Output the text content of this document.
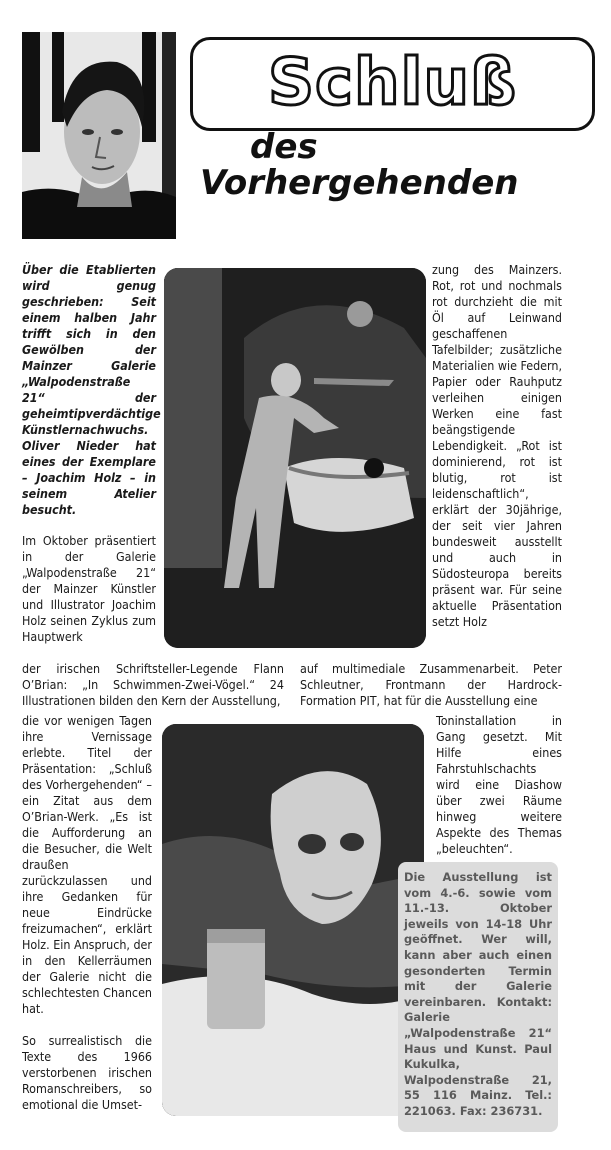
Schluß
des
Vorhergehenden

Über die Etablierten wird genug geschrieben: Seit einem halben Jahr trifft sich in den Gewölben der Mainzer Galerie „Walpodenstraße 21“ der geheimtipverdächtige Künstlernachwuchs. Oliver Nieder hat eines der Exemplare – Joachim Holz – in seinem Atelier besucht.

Im Oktober präsentiert in der Galerie „Walpodenstraße 21“ der Mainzer Künstler und Illustrator Joachim Holz seinen Zyklus zum Hauptwerk

der irischen Schriftsteller-Legende Flann O’Brian: „In Schwimmen-Zwei-Vögel.“ 24 Illustrationen bilden den Kern der Ausstellung,

die vor wenigen Tagen ihre Vernissage erlebte. Titel der Präsentation: „Schluß des Vorhergehenden“ – ein Zitat aus dem O’Brian-Werk. „Es ist die Aufforderung an die Besucher, die Welt draußen zurückzulassen und ihre Gedanken für neue Eindrücke freizumachen“, erklärt Holz. Ein Anspruch, der in den Kellerräumen der Galerie nicht die schlechtesten Chancen hat.

So surrealistisch die Texte des 1966 verstorbenen irischen Romanschreibers, so emotional die Umset-

zung des Mainzers. Rot, rot und nochmals rot durchzieht die mit Öl auf Leinwand geschaffenen Tafelbilder; zusätzliche Materialien wie Federn, Papier oder Rauhputz verleihen einigen Werken eine fast beängstigende Lebendigkeit. „Rot ist dominierend, rot ist blutig, rot ist leidenschaftlich“, erklärt der 30jährige, der seit vier Jahren bundesweit ausstellt und auch in Südosteuropa bereits präsent war. Für seine aktuelle Präsentation setzt Holz

auf multimediale Zusammenarbeit. Peter Schleutner, Frontmann der Hardrock-Formation PIT, hat für die Ausstellung eine

Toninstallation in Gang gesetzt. Mit Hilfe eines Fahrstuhlschachts wird eine Diashow über zwei Räume hinweg weitere Aspekte des Themas „beleuchten“.

Die Ausstellung ist vom 4.-6. sowie vom 11.-13. Oktober jeweils von 14-18 Uhr geöffnet. Wer will, kann aber auch einen gesonderten Termin mit der Galerie vereinbaren. Kontakt: Galerie „Walpodenstraße 21“ Haus und Kunst. Paul Kukulka, Walpodenstraße 21, 55 116 Mainz. Tel.: 221063. Fax: 236731.
